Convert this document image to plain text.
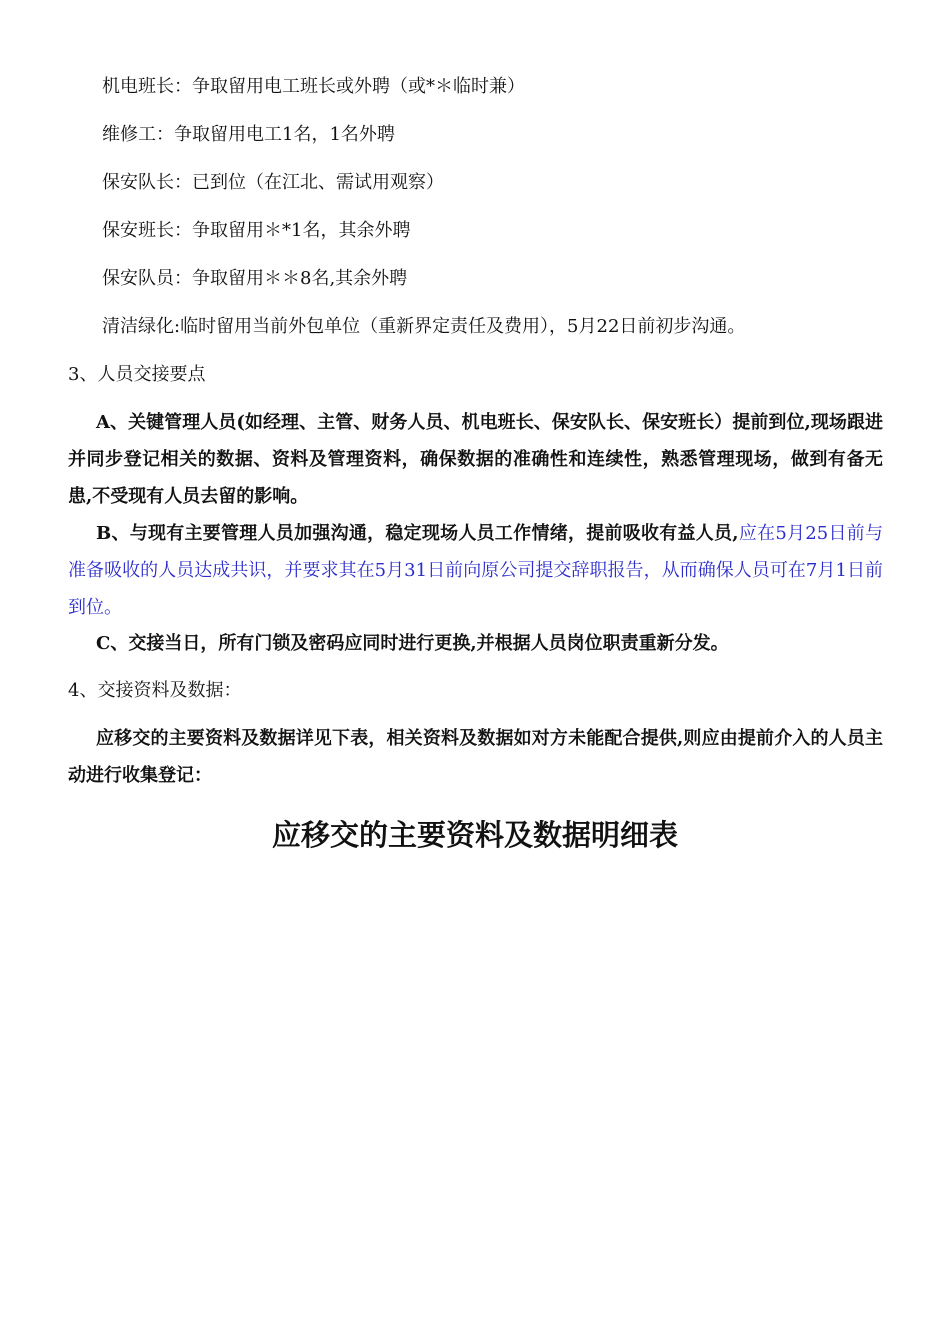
机电班长：争取留用电工班长或外聘（或*＊临时兼）
维修工：争取留用电工1名，1名外聘
保安队长：已到位（在江北、需试用观察）
保安班长：争取留用＊*1名，其余外聘
保安队员：争取留用＊＊8名,其余外聘
清洁绿化:临时留用当前外包单位（重新界定责任及费用），5月22日前初步沟通。
3、人员交接要点
A、关键管理人员(如经理、主管、财务人员、机电班长、保安队长、保安班长）提前到位,现场跟进并同步登记相关的数据、资料及管理资料，确保数据的准确性和连续性，熟悉管理现场，做到有备无患,不受现有人员去留的影响。
B、与现有主要管理人员加强沟通，稳定现场人员工作情绪，提前吸收有益人员,应在5月25日前与准备吸收的人员达成共识，并要求其在5月31日前向原公司提交辞职报告，从而确保人员可在7月1日前到位。
C、交接当日，所有门锁及密码应同时进行更换,并根据人员岗位职责重新分发。
4、交接资料及数据：
应移交的主要资料及数据详见下表，相关资料及数据如对方未能配合提供,则应由提前介入的人员主动进行收集登记：
应移交的主要资料及数据明细表
